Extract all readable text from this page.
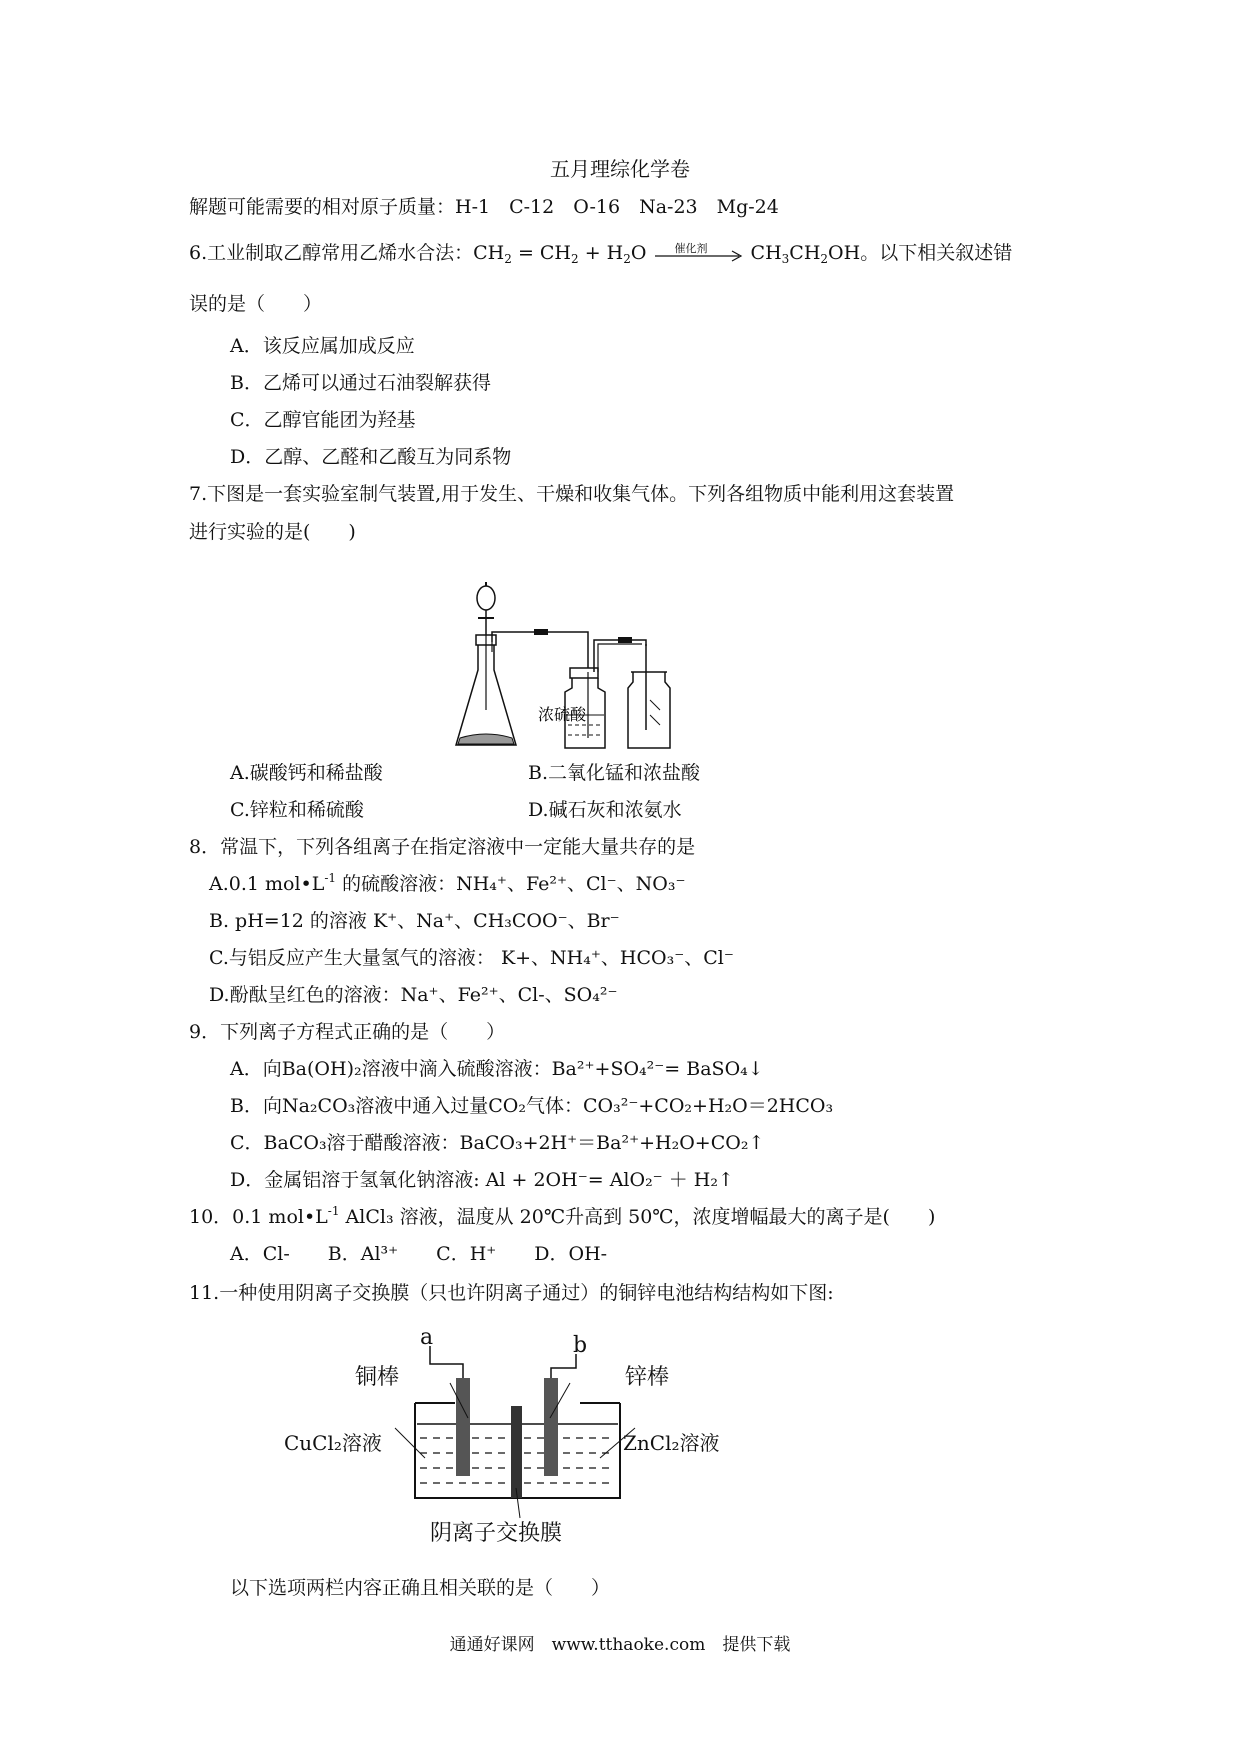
五月理综化学卷
解题可能需要的相对原子质量：H-1　C-12　O-16　Na-23　Mg-24
6.工业制取乙醇常用乙烯水合法：$CH_2 = CH_2 + H_2O$	催化剂 $CH_3CH_2OH$。以下相关叙述错
误的是（　　）
A．该反应属加成反应
B．乙烯可以通过石油裂解获得
C．乙醇官能团为羟基
D．乙醇、乙醛和乙酸互为同系物
7.下图是一套实验室制气装置,用于发生、干燥和收集气体。下列各组物质中能利用这套装置
进行实验的是(　　)
浓硫酸
A.碳酸钙和稀盐酸	B.二氧化锰和浓盐酸
C.锌粒和稀硫酸	D.碱石灰和浓氨水
8．常温下，下列各组离子在指定溶液中一定能大量共存的是
A.0.1 $mol•L^{-1}$ 的硫酸溶液：NH₄⁺、Fe²⁺、Cl⁻、NO₃⁻
B. pH=12 的溶液 K⁺、Na⁺、CH₃COO⁻、Br⁻
C.与铝反应产生大量氢气的溶液： K+、NH₄⁺、HCO₃⁻、Cl⁻
D.酚酞呈红色的溶液：Na⁺、Fe²⁺、Cl-、SO₄²⁻
9．下列离子方程式正确的是（　　）
A．向Ba(OH)₂溶液中滴入硫酸溶液：Ba²⁺+SO₄²⁻= BaSO₄↓
B．向Na₂CO₃溶液中通入过量CO₂气体：CO₃²⁻+CO₂+H₂O＝2HCO₃
C．BaCO₃溶于醋酸溶液：BaCO₃+2H⁺＝Ba²⁺+H₂O+CO₂↑
D．金属铝溶于氢氧化钠溶液: Al + 2OH⁻= AlO₂⁻ ＋ H₂↑
10．0.1 $mol•L^{-1}$ AlCl₃ 溶液，温度从 20℃升高到 50℃，浓度增幅最大的离子是(　　)
A．Cl-　　B．Al³⁺　　C．H⁺　　D．OH-
11.一种使用阴离子交换膜（只也许阴离子通过）的铜锌电池结构结构如下图:
a	b
铜棒	锌棒
CuCl₂溶液	ZnCl₂溶液
阴离子交换膜
以下选项两栏内容正确且相关联的是（　　）
通通好课网　www.tthaoke.com　提供下载
